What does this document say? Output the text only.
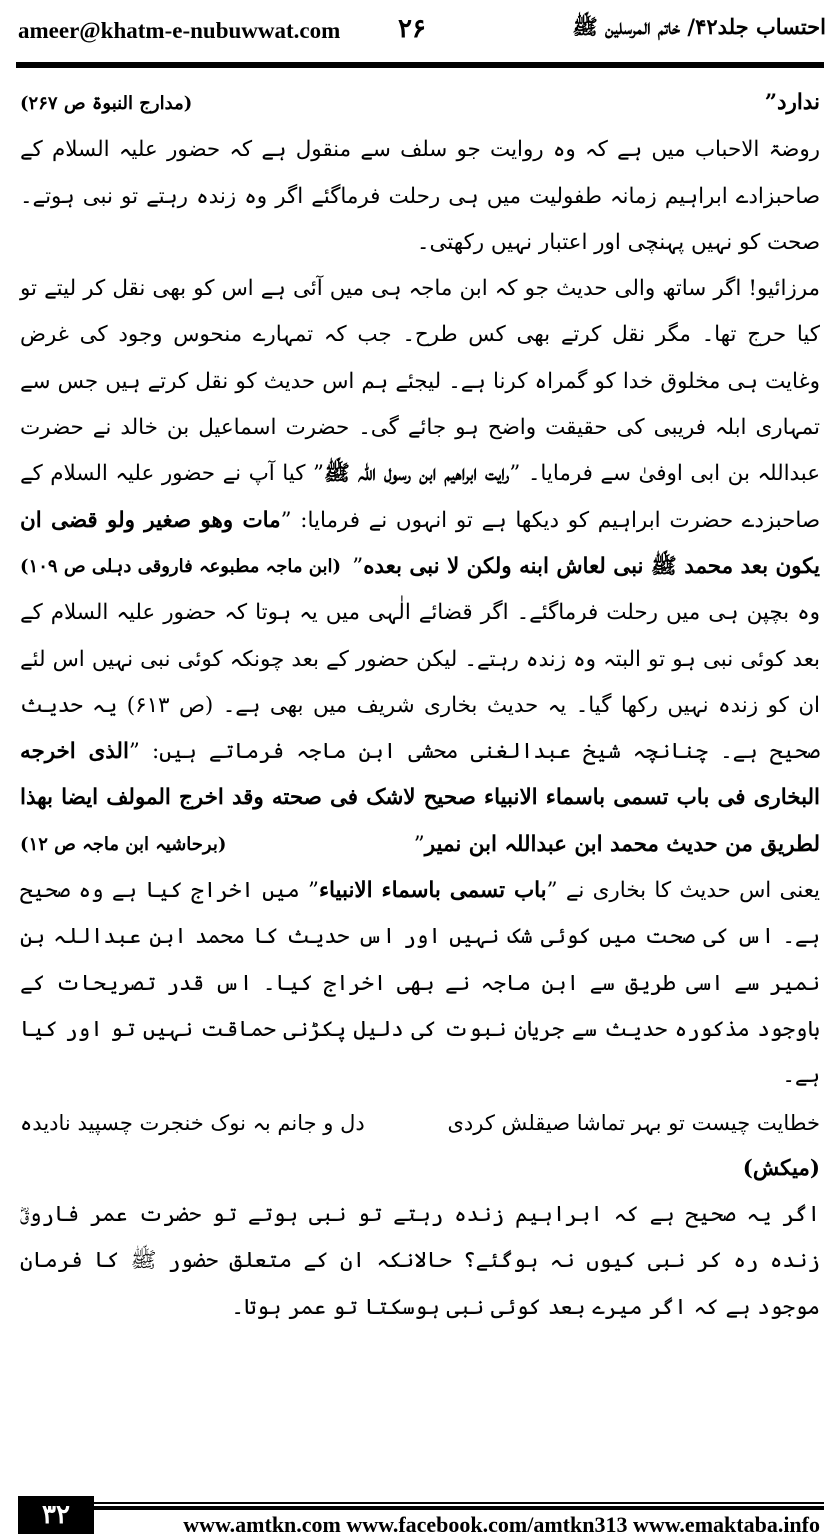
ameer@khatm-e-nubuwwat.com ۲۶	احتساب جلد۴۲/ خاتم المرسلین ﷺ
ندارد”
(مدارج النبوۃ ص ۲۶۷)

روضۃ الاحباب میں ہے کہ وہ روایت جو سلف سے منقول ہے کہ حضور علیہ السلام کے صاحبزادے ابراہیم زمانہ طفولیت میں ہی رحلت فرماگئے اگر وہ زندہ رہتے تو نبی ہوتے۔ صحت کو نہیں پہنچی اور اعتبار نہیں رکھتی۔

مرزائیو! اگر ساتھ والی حدیث جو کہ ابن ماجہ ہی میں آئی ہے اس کو بھی نقل کر لیتے تو کیا حرج تھا۔ مگر نقل کرتے بھی کس طرح۔ جب کہ تمہارے منحوس وجود کی غرض وغایت ہی مخلوق خدا کو گمراہ کرنا ہے۔ لیجئے ہم اس حدیث کو نقل کرتے ہیں جس سے تمہاری ابلہ فریبی کی حقیقت واضح ہو جائے گی۔ حضرت اسماعیل بن خالد نے حضرت عبداللہ بن ابی اوفیٰ سے فرمایا۔ ”رایت ابراهیم ابن رسول اللہ ﷺ” کیا آپ نے حضور علیہ السلام کے صاحبزدے حضرت ابراہیم کو دیکھا ہے تو انہوں نے فرمایا: ”مات وهو صغیر ولو قضی ان یکون بعد محمد ﷺ نبی لعاش ابنه ولکن لا نبی بعده”
(ابن ماجہ مطبوعہ فاروقی دہلی ص ۱۰۹)

وہ بچپن ہی میں رحلت فرماگئے۔ اگر قضائے الٰہی میں یہ ہوتا کہ حضور علیہ السلام کے بعد کوئی نبی ہو تو البتہ وہ زندہ رہتے۔ لیکن حضور کے بعد چونکہ کوئی نبی نہیں اس لئے ان کو زندہ نہیں رکھا گیا۔ یہ حدیث بخاری شریف میں بھی ہے۔ (ص ۶۱۳) یہ حدیث صحیح ہے۔ چنانچہ شیخ عبدالغنی محشی ابن ماجہ فرماتے ہیں: ”الذی اخرجه البخاری فی باب تسمی باسماء الانبیاء صحیح لاشک فی صحته وقد اخرج المولف ایضا بهذا لطریق من حدیث محمد ابن عبداللہ ابن نمیر”
(برحاشیہ ابن ماجہ ص ۱۲)

یعنی اس حدیث کا بخاری نے ”باب تسمی باسماء الانبیاء” میں اخراج کیا ہے وہ صحیح ہے۔ اس کی صحت میں کوئی شک نہیں اور اس حدیث کا محمد ابن عبداللہ بن نمیر سے اسی طریق سے ابن ماجہ نے بھی اخراج کیا۔ اس قدر تصریحات کے باوجود مذکورہ حدیث سے جریان نبوت کی دلیل پکڑنی حماقت نہیں تو اور کیا ہے۔

خطایت چیست تو بہر تماشا صیقلش کردی
دل و جانم بہ نوک خنجرت چسپید نادیدہ

(میکش)

اگر یہ صحیح ہے کہ ابراہیم زندہ رہتے تو نبی ہوتے تو حضرت عمر فاروقؓ زندہ رہ کر نبی کیوں نہ ہوگئے؟ حالانکہ ان کے متعلق حضور ﷺ کا فرمان موجود ہے کہ اگر میرے بعد کوئی نبی ہوسکتا تو عمر ہوتا۔

۳۲	www.amtkn.com www.facebook.com/amtkn313 www.emaktaba.info
